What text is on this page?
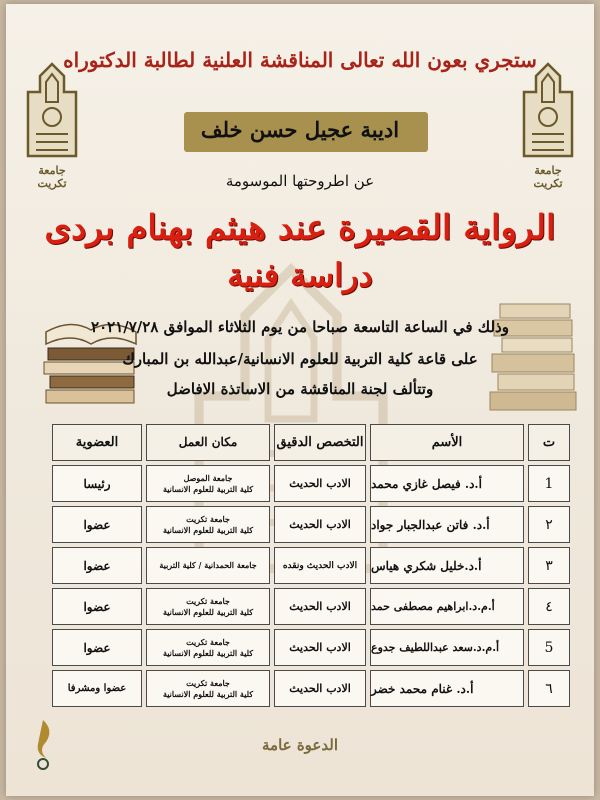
جامعة تكريت
جامعة تكريت
ستجري بعون الله تعالى المناقشة العلنية لطالبة الدكتوراه
اديبة عجيل حسن خلف
عن اطروحتها الموسومة
الرواية القصيرة عند هيثم بهنام بردى
دراسة فنية
وذلك في الساعة التاسعة صباحا من يوم الثلاثاء الموافق ٢٠٢١/٧/٢٨
على قاعة كلية التربية للعلوم الانسانية/عبدالله بن المبارك
وتتألف لجنة المناقشة من الاساتذة الافاضل
ت
الأسم
التخصص الدقيق
مكان العمل
العضوية
1
أ.د. فيصل غازي محمد
الادب الحديث
جامعة الموصل
كلية التربية للعلوم الانسانية
رئيسا
٢
أ.د. فاتن عبدالجبار جواد
الادب الحديث
جامعة تكريت
كلية التربية للعلوم الانسانية
عضوا
٣
أ.د.خليل شكري هياس
الادب الحديث ونقده
جامعة الحمدانية / كلية التربية
عضوا
٤
أ.م.د.ابراهيم مصطفى حمد
الادب الحديث
جامعة تكريت
كلية التربية للعلوم الانسانية
عضوا
5
أ.م.د.سعد عبداللطيف جدوع
الادب الحديث
جامعة تكريت
كلية التربية للعلوم الانسانية
عضوا
٦
أ.د. غنام محمد خضر
الادب الحديث
جامعة تكريت
كلية التربية للعلوم الانسانية
عضوا ومشرفا
الدعوة عامة
